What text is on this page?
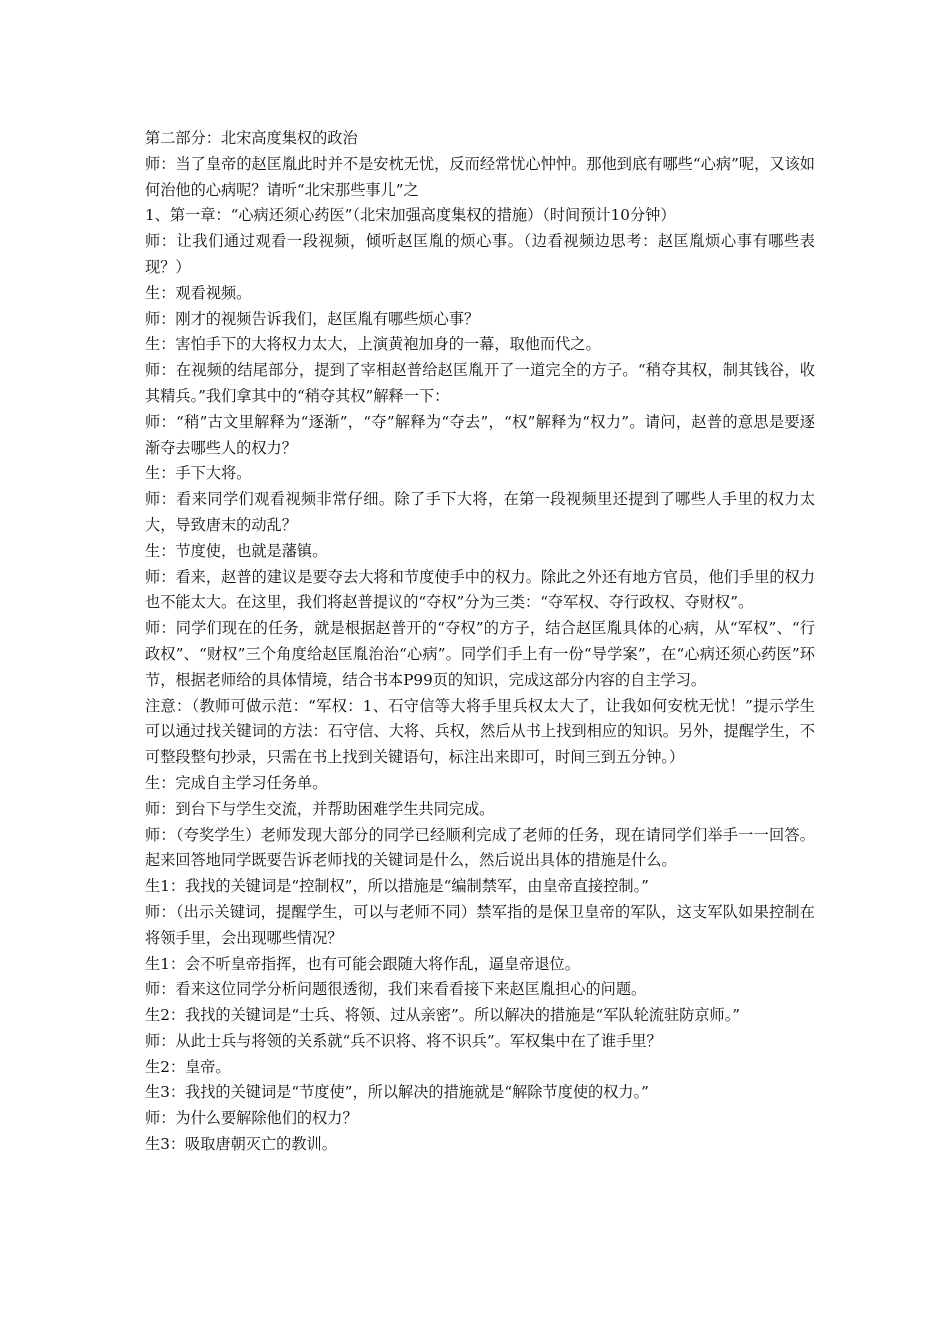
第二部分：北宋高度集权的政治

师：当了皇帝的赵匡胤此时并不是安枕无忧，反而经常忧心忡忡。那他到底有哪些“心病”呢，又该如何治他的心病呢？请听“北宋那些事儿”之

1、第一章：“心病还须心药医”（北宋加强高度集权的措施）（时间预计10分钟）

师：让我们通过观看一段视频，倾听赵匡胤的烦心事。（边看视频边思考：赵匡胤烦心事有哪些表现？）

生：观看视频。

师：刚才的视频告诉我们，赵匡胤有哪些烦心事？

生：害怕手下的大将权力太大，上演黄袍加身的一幕，取他而代之。

师：在视频的结尾部分，提到了宰相赵普给赵匡胤开了一道完全的方子。“稍夺其权，制其钱谷，收其精兵。”我们拿其中的“稍夺其权”解释一下：

师：“稍”古文里解释为“逐渐”，“夺”解释为“夺去”，“权”解释为“权力”。请问，赵普的意思是要逐渐夺去哪些人的权力？

生：手下大将。

师：看来同学们观看视频非常仔细。除了手下大将，在第一段视频里还提到了哪些人手里的权力太大，导致唐末的动乱？

生：节度使，也就是藩镇。

师：看来，赵普的建议是要夺去大将和节度使手中的权力。除此之外还有地方官员，他们手里的权力也不能太大。在这里，我们将赵普提议的“夺权”分为三类：“夺军权、夺行政权、夺财权”。

师：同学们现在的任务，就是根据赵普开的“夺权”的方子，结合赵匡胤具体的心病，从“军权”、“行政权”、“财权”三个角度给赵匡胤治治“心病”。同学们手上有一份“导学案”，在“心病还须心药医”环节，根据老师给的具体情境，结合书本P99页的知识，完成这部分内容的自主学习。

注意：（教师可做示范：“军权：1、石守信等大将手里兵权太大了，让我如何安枕无忧！”提示学生可以通过找关键词的方法：石守信、大将、兵权，然后从书上找到相应的知识。另外，提醒学生，不可整段整句抄录，只需在书上找到关键语句，标注出来即可，时间三到五分钟。）

生：完成自主学习任务单。

师：到台下与学生交流，并帮助困难学生共同完成。

师：（夸奖学生）老师发现大部分的同学已经顺利完成了老师的任务，现在请同学们举手一一回答。起来回答地同学既要告诉老师找的关键词是什么，然后说出具体的措施是什么。

生1：我找的关键词是“控制权”，所以措施是“编制禁军，由皇帝直接控制。”

师：（出示关键词，提醒学生，可以与老师不同）禁军指的是保卫皇帝的军队，这支军队如果控制在将领手里，会出现哪些情况？

生1：会不听皇帝指挥，也有可能会跟随大将作乱，逼皇帝退位。

师：看来这位同学分析问题很透彻，我们来看看接下来赵匡胤担心的问题。

生2：我找的关键词是“士兵、将领、过从亲密”。所以解决的措施是“军队轮流驻防京师。”

师：从此士兵与将领的关系就“兵不识将、将不识兵”。军权集中在了谁手里？

生2：皇帝。

生3：我找的关键词是“节度使”，所以解决的措施就是“解除节度使的权力。”

师：为什么要解除他们的权力？

生3：吸取唐朝灭亡的教训。
